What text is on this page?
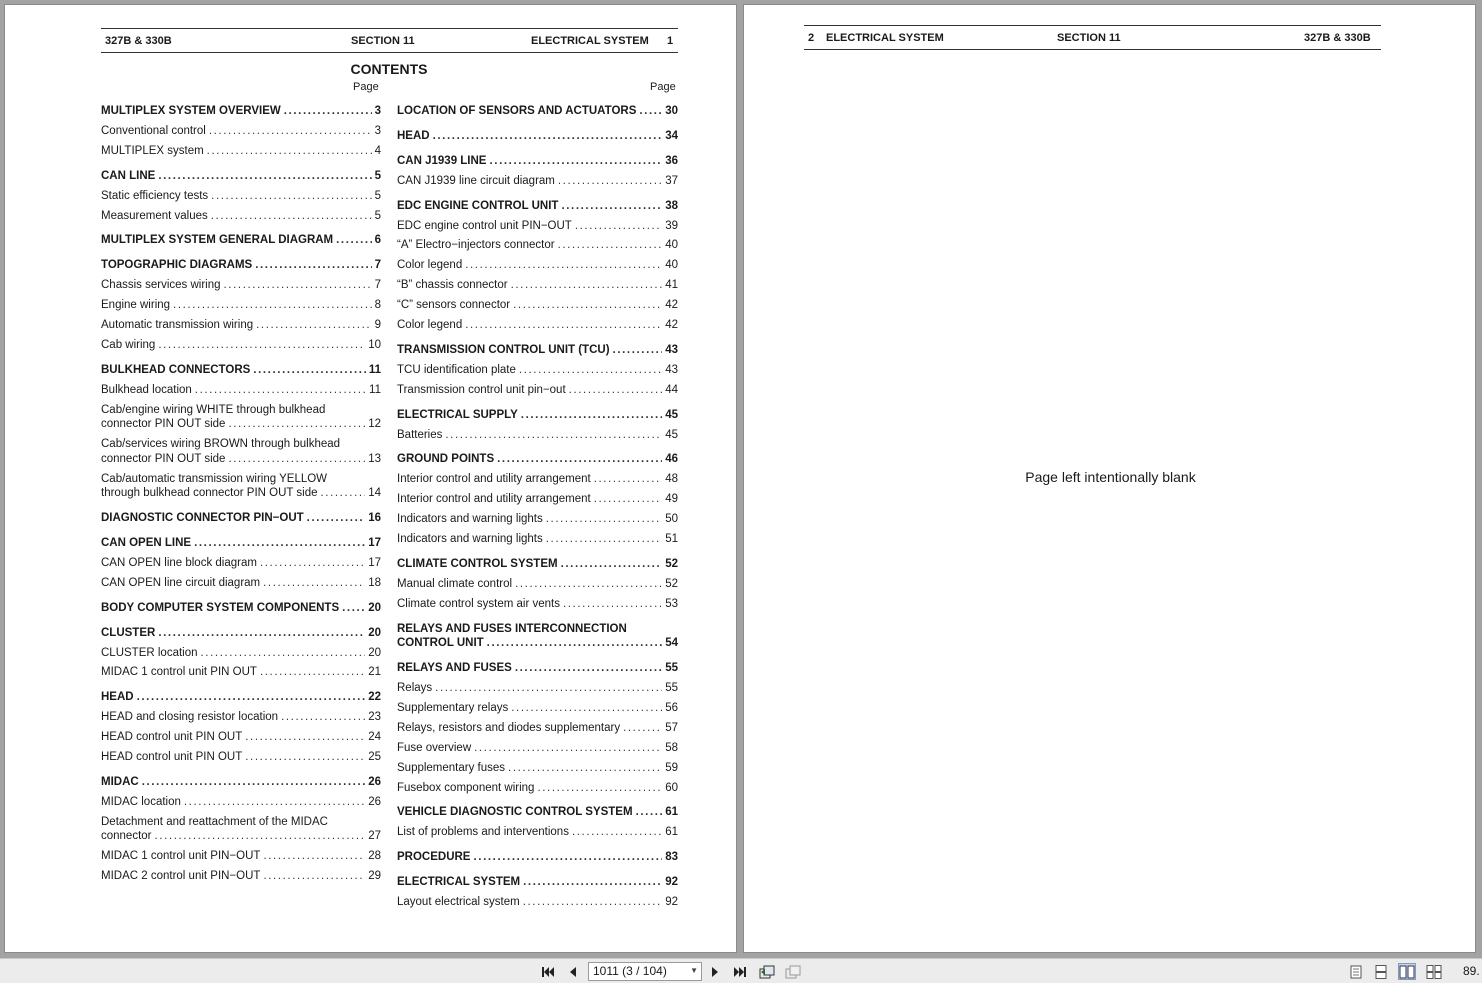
327B & 330B	SECTION 11	ELECTRICAL SYSTEM 1
CONTENTS
Page	Page
MULTIPLEX SYSTEM OVERVIEW .....	3
Conventional control .....	3
MULTIPLEX system .....	4
CAN LINE .....	5
Static efficiency tests .....	5
Measurement values .....	5
MULTIPLEX SYSTEM GENERAL DIAGRAM .....	6
TOPOGRAPHIC DIAGRAMS .....	7
Chassis services wiring .....	7
Engine wiring .....	8
Automatic transmission wiring .....	9
Cab wiring .....	10
BULKHEAD CONNECTORS .....	11
Bulkhead location .....	11
Cab/engine wiring WHITE through bulkhead
connector PIN OUT side .....	12
Cab/services wiring BROWN through bulkhead
connector PIN OUT side .....	13
Cab/automatic transmission wiring YELLOW
through bulkhead connector PIN OUT side .....	14
DIAGNOSTIC CONNECTOR PIN−OUT .....	16
CAN OPEN LINE .....	17
CAN OPEN line block diagram .....	17
CAN OPEN line circuit diagram .....	18
BODY COMPUTER SYSTEM COMPONENTS .....	20
CLUSTER .....	20
CLUSTER location .....	20
MIDAC 1 control unit PIN OUT .....	21
HEAD .....	22
HEAD and closing resistor location .....	23
HEAD control unit PIN OUT .....	24
HEAD control unit PIN OUT .....	25
MIDAC .....	26
MIDAC location .....	26
Detachment and reattachment of the MIDAC
connector .....	27
MIDAC 1 control unit PIN−OUT .....	28
MIDAC 2 control unit PIN−OUT .....	29
LOCATION OF SENSORS AND ACTUATORS .....	30
HEAD .....	34
CAN J1939 LINE .....	36
CAN J1939 line circuit diagram .....	37
EDC ENGINE CONTROL UNIT .....	38
EDC engine control unit PIN−OUT .....	39
“A” Electro−injectors connector .....	40
Color legend .....	40
“B” chassis connector .....	41
“C” sensors connector .....	42
Color legend .....	42
TRANSMISSION CONTROL UNIT (TCU) .....	43
TCU identification plate .....	43
Transmission control unit pin−out .....	44
ELECTRICAL SUPPLY .....	45
Batteries .....	45
GROUND POINTS .....	46
Interior control and utility arrangement .....	48
Interior control and utility arrangement .....	49
Indicators and warning lights .....	50
Indicators and warning lights .....	51
CLIMATE CONTROL SYSTEM .....	52
Manual climate control .....	52
Climate control system air vents .....	53
RELAYS AND FUSES INTERCONNECTION
CONTROL UNIT .....	54
RELAYS AND FUSES .....	55
Relays .....	55
Supplementary relays .....	56
Relays, resistors and diodes supplementary .....	57
Fuse overview .....	58
Supplementary fuses .....	59
Fusebox component wiring .....	60
VEHICLE DIAGNOSTIC CONTROL SYSTEM .....	61
List of problems and interventions .....	61
PROCEDURE .....	83
ELECTRICAL SYSTEM .....	92
Layout electrical system .....	92
2 ELECTRICAL SYSTEM	SECTION 11	327B & 330B
Page left intentionally blank
1011 (3 / 104)	▼	89.
